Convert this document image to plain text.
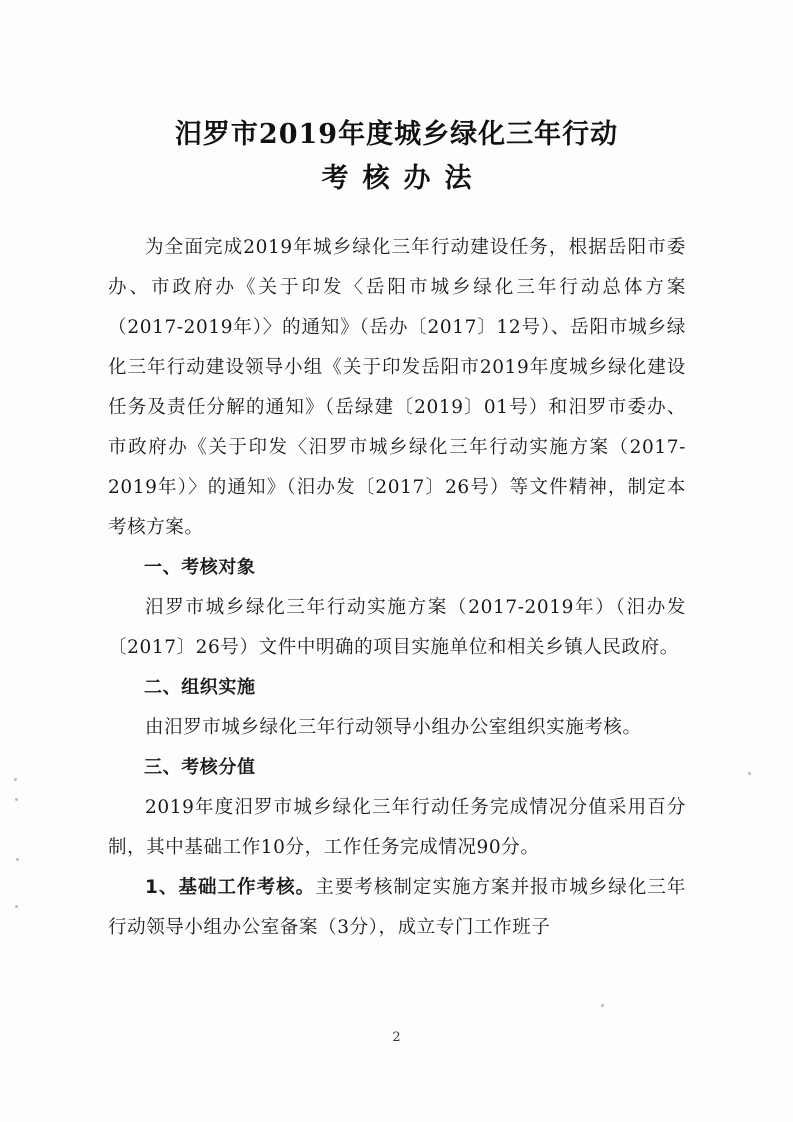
汨罗市2019年度城乡绿化三年行动
考核办法

为全面完成2019年城乡绿化三年行动建设任务，根据岳阳市委办、市政府办《关于印发〈岳阳市城乡绿化三年行动总体方案（2017-2019年）〉的通知》（岳办〔2017〕12号）、岳阳市城乡绿化三年行动建设领导小组《关于印发岳阳市2019年度城乡绿化建设任务及责任分解的通知》（岳绿建〔2019〕01号）和汨罗市委办、市政府办《关于印发〈汨罗市城乡绿化三年行动实施方案（2017-2019年）〉的通知》（汨办发〔2017〕26号）等文件精神，制定本考核方案。

一、考核对象

汨罗市城乡绿化三年行动实施方案（2017-2019年）（汨办发〔2017〕26号）文件中明确的项目实施单位和相关乡镇人民政府。

二、组织实施

由汨罗市城乡绿化三年行动领导小组办公室组织实施考核。

三、考核分值

2019年度汨罗市城乡绿化三年行动任务完成情况分值采用百分制，其中基础工作10分，工作任务完成情况90分。

1、基础工作考核。主要考核制定实施方案并报市城乡绿化三年行动领导小组办公室备案（3分），成立专门工作班子

2
